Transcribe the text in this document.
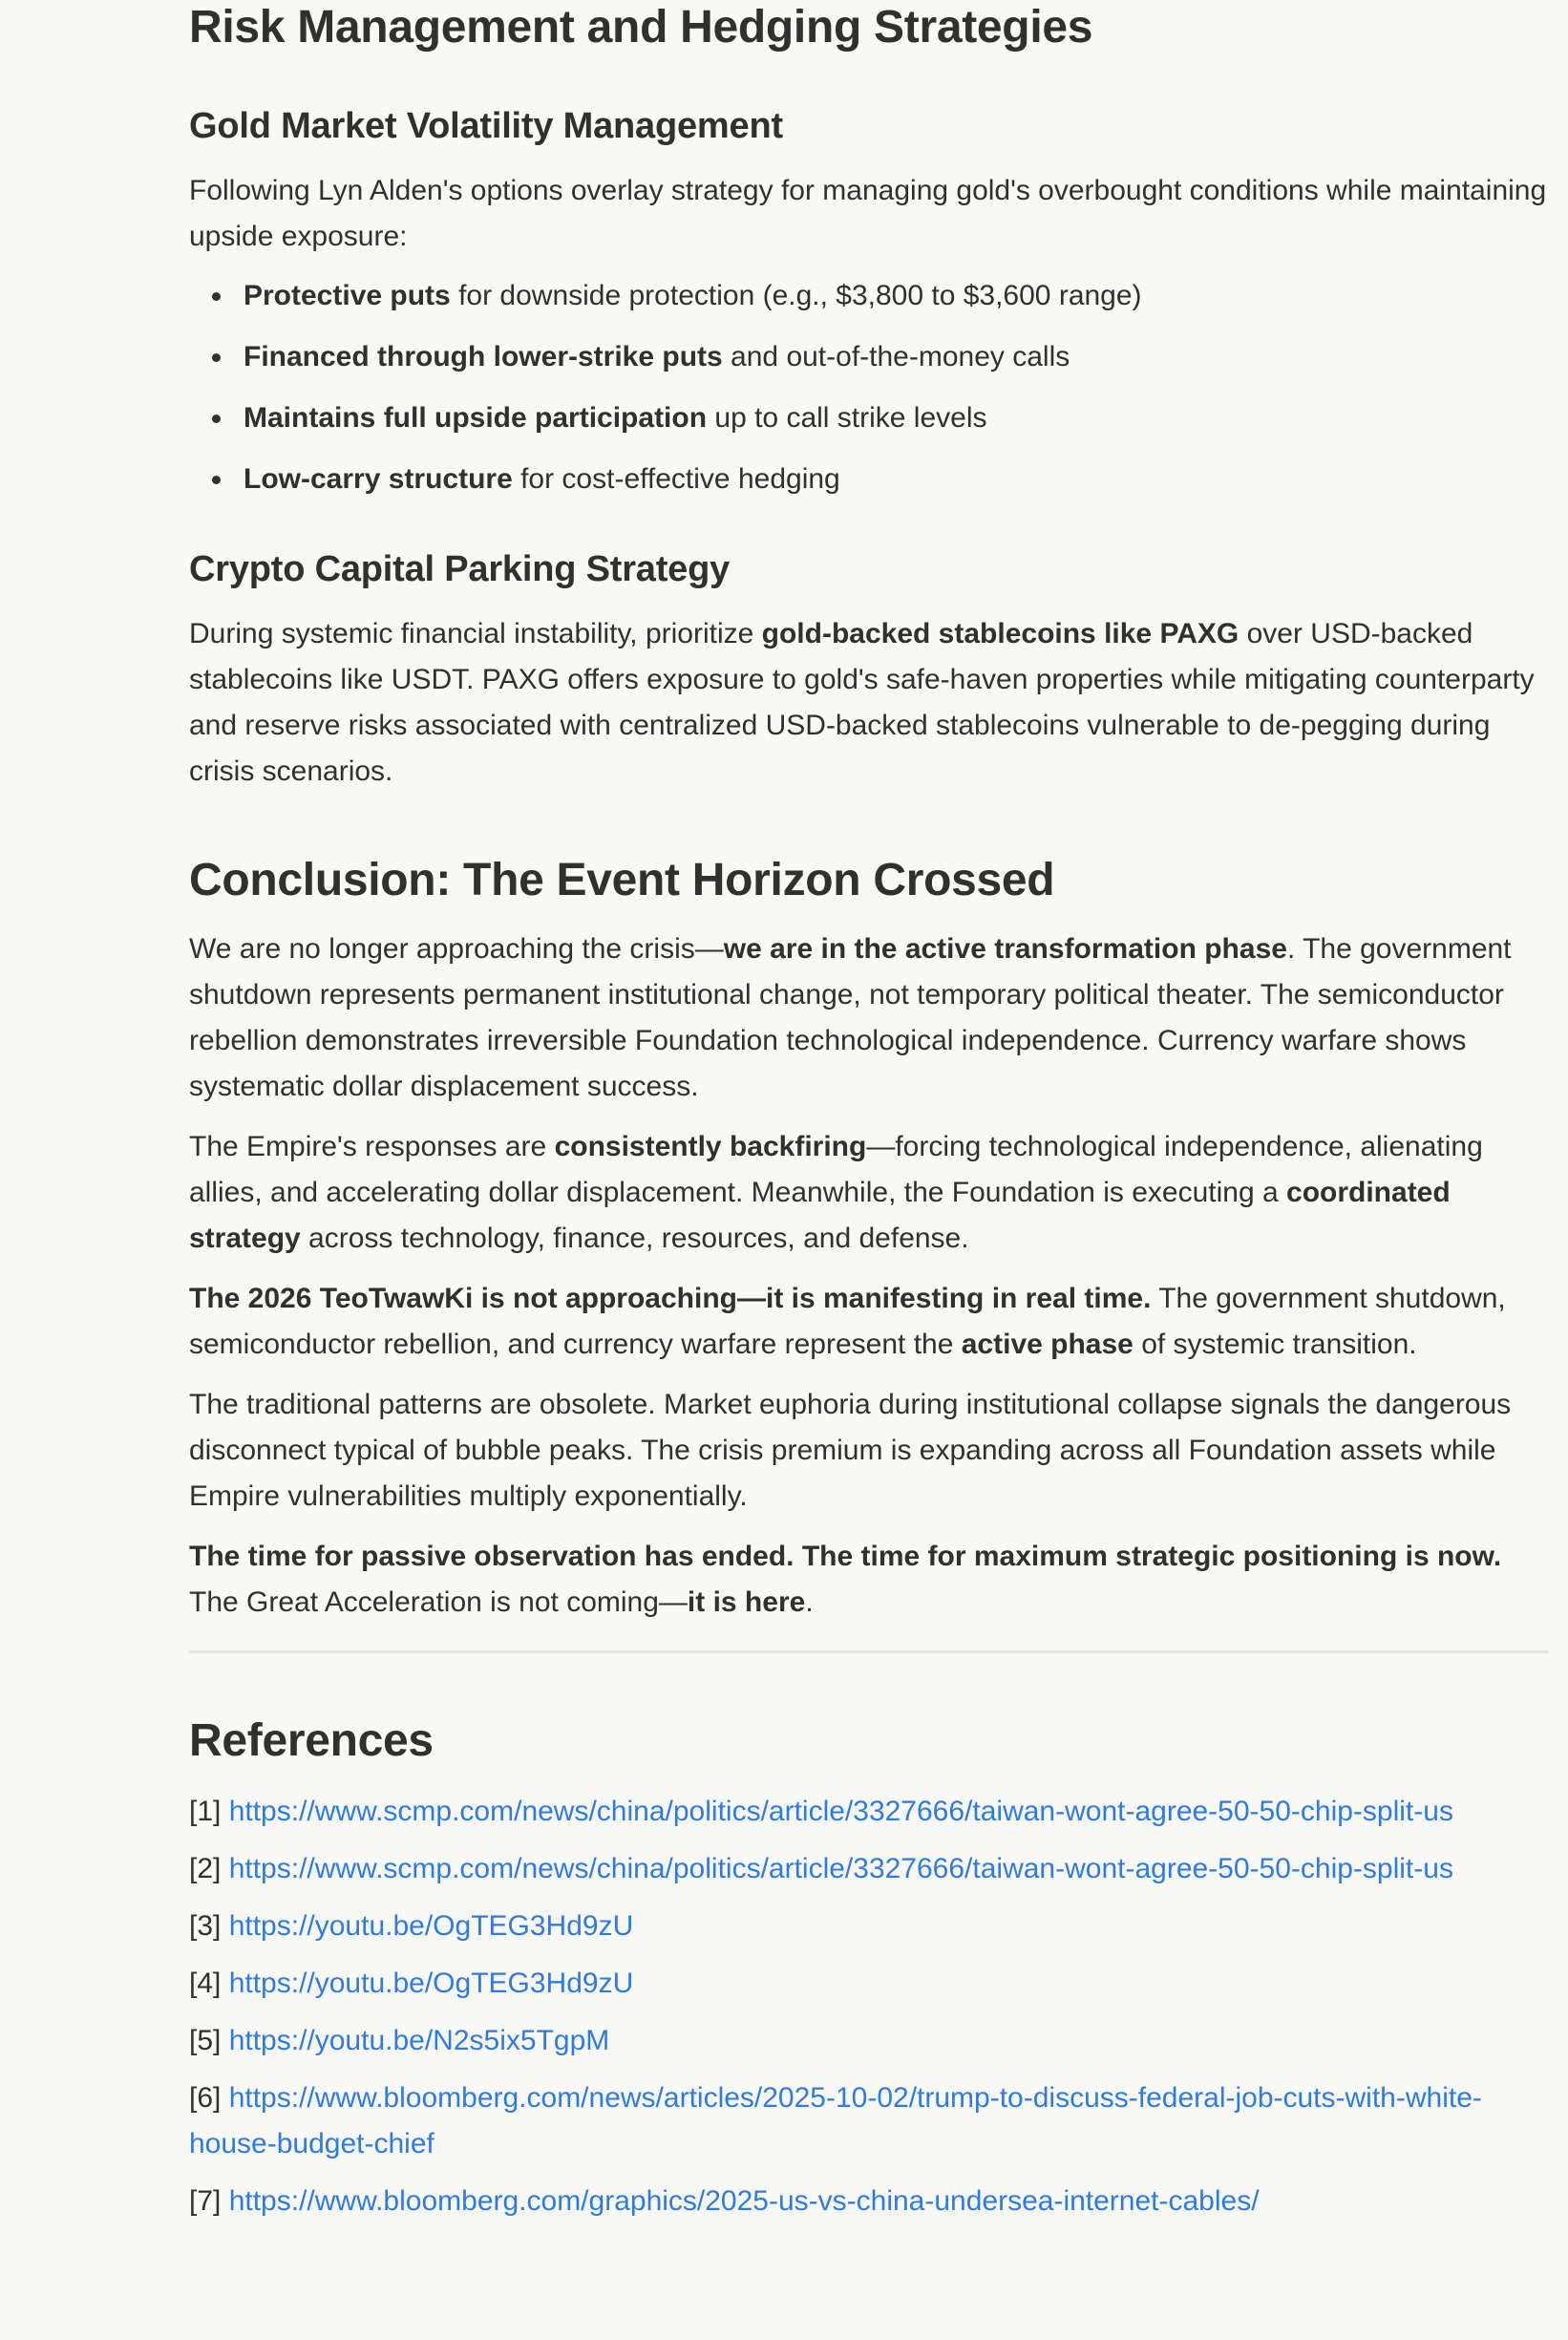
Risk Management and Hedging Strategies
Gold Market Volatility Management

Following Lyn Alden's options overlay strategy for managing gold's overbought conditions while maintaining upside exposure:

Protective puts for downside protection (e.g., $3,800 to $3,600 range)
Financed through lower-strike puts and out-of-the-money calls
Maintains full upside participation up to call strike levels
Low-carry structure for cost-effective hedging
Crypto Capital Parking Strategy

During systemic financial instability, prioritize gold-backed stablecoins like PAXG over USD-backed stablecoins like USDT. PAXG offers exposure to gold's safe-haven properties while mitigating counterparty and reserve risks associated with centralized USD-backed stablecoins vulnerable to de-pegging during crisis scenarios.

Conclusion: The Event Horizon Crossed

We are no longer approaching the crisis—we are in the active transformation phase. The government shutdown represents permanent institutional change, not temporary political theater. The semiconductor rebellion demonstrates irreversible Foundation technological independence. Currency warfare shows systematic dollar displacement success.

The Empire's responses are consistently backfiring—forcing technological independence, alienating allies, and accelerating dollar displacement. Meanwhile, the Foundation is executing a coordinated strategy across technology, finance, resources, and defense.

The 2026 TeoTwawKi is not approaching—it is manifesting in real time. The government shutdown, semiconductor rebellion, and currency warfare represent the active phase of systemic transition.

The traditional patterns are obsolete. Market euphoria during institutional collapse signals the dangerous disconnect typical of bubble peaks. The crisis premium is expanding across all Foundation assets while Empire vulnerabilities multiply exponentially.

The time for passive observation has ended. The time for maximum strategic positioning is now. The Great Acceleration is not coming—it is here.

References

[1] https://www.scmp.com/news/china/politics/article/3327666/taiwan-wont-agree-50-50-chip-split-us

[2] https://www.scmp.com/news/china/politics/article/3327666/taiwan-wont-agree-50-50-chip-split-us

[3] https://youtu.be/OgTEG3Hd9zU

[4] https://youtu.be/OgTEG3Hd9zU

[5] https://youtu.be/N2s5ix5TgpM

[6] https://www.bloomberg.com/news/articles/2025-10-02/trump-to-discuss-federal-job-cuts-with-white-house-budget-chief

[7] https://www.bloomberg.com/graphics/2025-us-vs-china-undersea-internet-cables/
